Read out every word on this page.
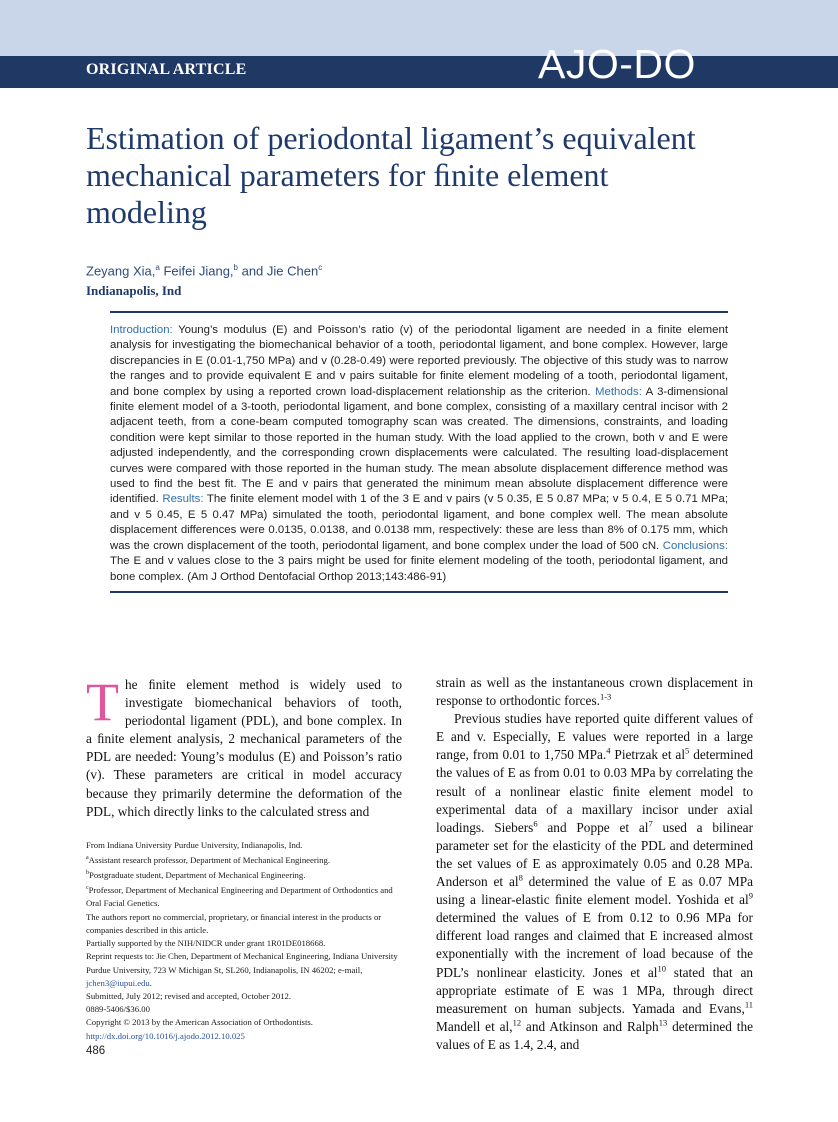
ORIGINAL ARTICLE	AJO-DO
Estimation of periodontal ligament’s equivalent
mechanical parameters for ﬁnite element
modeling
Zeyang Xia,$^a$ Feifei Jiang,$^b$ and Jie Chen$^c$
Indianapolis, Ind

Introduction: Young’s modulus (E) and Poisson’s ratio (v) of the periodontal ligament are needed in a finite element analysis for investigating the biomechanical behavior of a tooth, periodontal ligament, and bone complex. However, large discrepancies in E (0.01-1,750 MPa) and v (0.28-0.49) were reported previously. The objective of this study was to narrow the ranges and to provide equivalent E and v pairs suitable for finite element modeling of a tooth, periodontal ligament, and bone complex by using a reported crown load-displacement relationship as the criterion. Methods: A 3-dimensional finite element model of a 3-tooth, periodontal ligament, and bone complex, consisting of a maxillary central incisor with 2 adjacent teeth, from a cone-beam computed tomography scan was created. The dimensions, constraints, and loading condition were kept similar to those reported in the human study. With the load applied to the crown, both v and E were adjusted independently, and the corresponding crown displacements were calculated. The resulting load-displacement curves were compared with those reported in the human study. The mean absolute displacement difference method was used to find the best fit. The E and v pairs that generated the minimum mean absolute displacement difference were identified. Results: The finite element model with 1 of the 3 E and v pairs (v 5 0.35, E 5 0.87 MPa; v 5 0.4, E 5 0.71 MPa; and v 5 0.45, E 5 0.47 MPa) simulated the tooth, periodontal ligament, and bone complex well. The mean absolute displacement differences were 0.0135, 0.0138, and 0.0138 mm, respectively: these are less than 8% of 0.175 mm, which was the crown displacement of the tooth, periodontal ligament, and bone complex under the load of 500 cN. Conclusions: The E and v values close to the 3 pairs might be used for finite element modeling of the tooth, periodontal ligament, and bone complex. (Am J Orthod Dentofacial Orthop 2013;143:486-91)

The ﬁnite element method is widely used to investigate biomechanical behaviors of tooth, periodontal ligament (PDL), and bone complex. In a ﬁnite element analysis, 2 mechanical parameters of the PDL are needed: Young’s modulus (E) and Poisson’s ratio (v). These parameters are critical in model accuracy because they primarily determine the deformation of the PDL, which directly links to the calculated stress and

strain as well as the instantaneous crown displacement in response to orthodontic forces.$^{1-3}$

Previous studies have reported quite different values of E and v. Especially, E values were reported in a large range, from 0.01 to 1,750 MPa.$^4$ Pietrzak et $al^5$ determined the values of E as from 0.01 to 0.03 MPa by correlating the result of a nonlinear elastic ﬁnite element model to experimental data of a maxillary incisor under axial loadings. Siebers$^6$ and Poppe et $al^7$ used a bilinear parameter set for the elasticity of the PDL and determined the set values of E as approximately 0.05 and 0.28 MPa. Anderson et $al^8$ determined the value of E as 0.07 MPa using a linear-elastic ﬁnite element model. Yoshida et $al^9$ determined the values of E from 0.12 to 0.96 MPa for different load ranges and claimed that E increased almost exponentially with the increment of load because of the PDL’s nonlinear elasticity. Jones et $al^{10}$ stated that an appropriate estimate of E was 1 MPa, through direct measurement on human subjects. Yamada and Evans,$^{11}$ Mandell et al,$^{12}$ and Atkinson and Ralph$^{13}$ determined the values of E as 1.4, 2.4, and

From Indiana University Purdue University, Indianapolis, Ind.
$^a$Assistant research professor, Department of Mechanical Engineering.
$^b$Postgraduate student, Department of Mechanical Engineering.
$^c$Professor, Department of Mechanical Engineering and Department of Orthodontics and Oral Facial Genetics.
The authors report no commercial, proprietary, or ﬁnancial interest in the products or companies described in this article.
Partially supported by the NIH/NIDCR under grant 1R01DE018668.
Reprint requests to: Jie Chen, Department of Mechanical Engineering, Indiana University Purdue University, 723 W Michigan St, SL260, Indianapolis, IN 46202; e-mail, jchen3@iupui.edu.
Submitted, July 2012; revised and accepted, October 2012.
0889-5406/$36.00
Copyright © 2013 by the American Association of Orthodontists.
http://dx.doi.org/10.1016/j.ajodo.2012.10.025
486
